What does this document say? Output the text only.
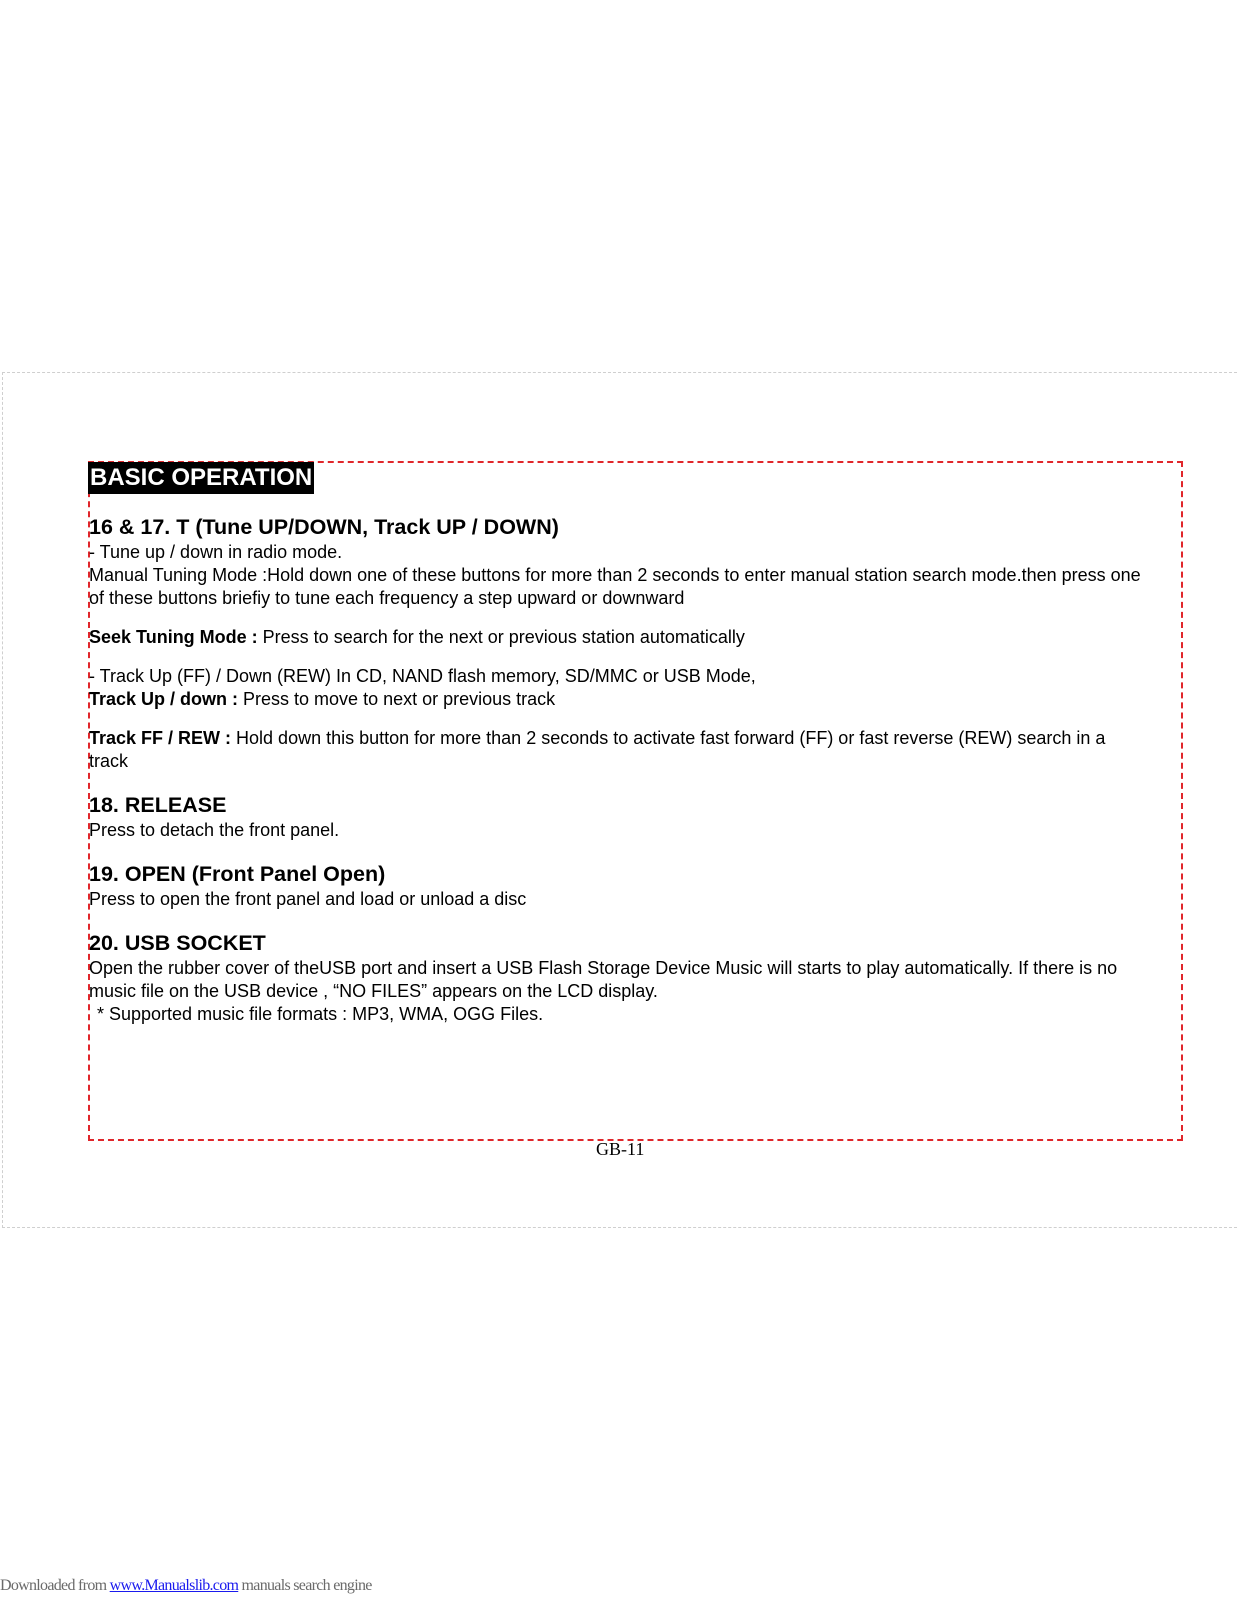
BASIC OPERATION
16 & 17. T (Tune UP/DOWN, Track UP / DOWN)

- Tune up / down in radio mode.

Manual Tuning Mode :Hold down one of these buttons for more than 2 seconds to enter manual station search mode.then press one of these buttons briefiy to tune each frequency a step upward or downward

Seek Tuning Mode : Press to search for the next or previous station automatically

- Track Up (FF) / Down (REW) In CD, NAND flash memory, SD/MMC or USB Mode,

Track Up / down : Press to move to next or previous track

Track FF / REW : Hold down this button for more than 2 seconds to activate fast forward (FF) or fast reverse (REW) search in a track

18. RELEASE

Press to detach the front panel.

19. OPEN (Front Panel Open)

Press to open the front panel and load or unload a disc

20. USB SOCKET

Open the rubber cover of theUSB port and insert a USB Flash Storage Device Music will starts to play automatically. If there is no music file on the USB device , “NO FILES” appears on the LCD display.

* Supported music file formats : MP3, WMA, OGG Files.

GB-11
Downloaded from www.Manualslib.com manuals search engine
